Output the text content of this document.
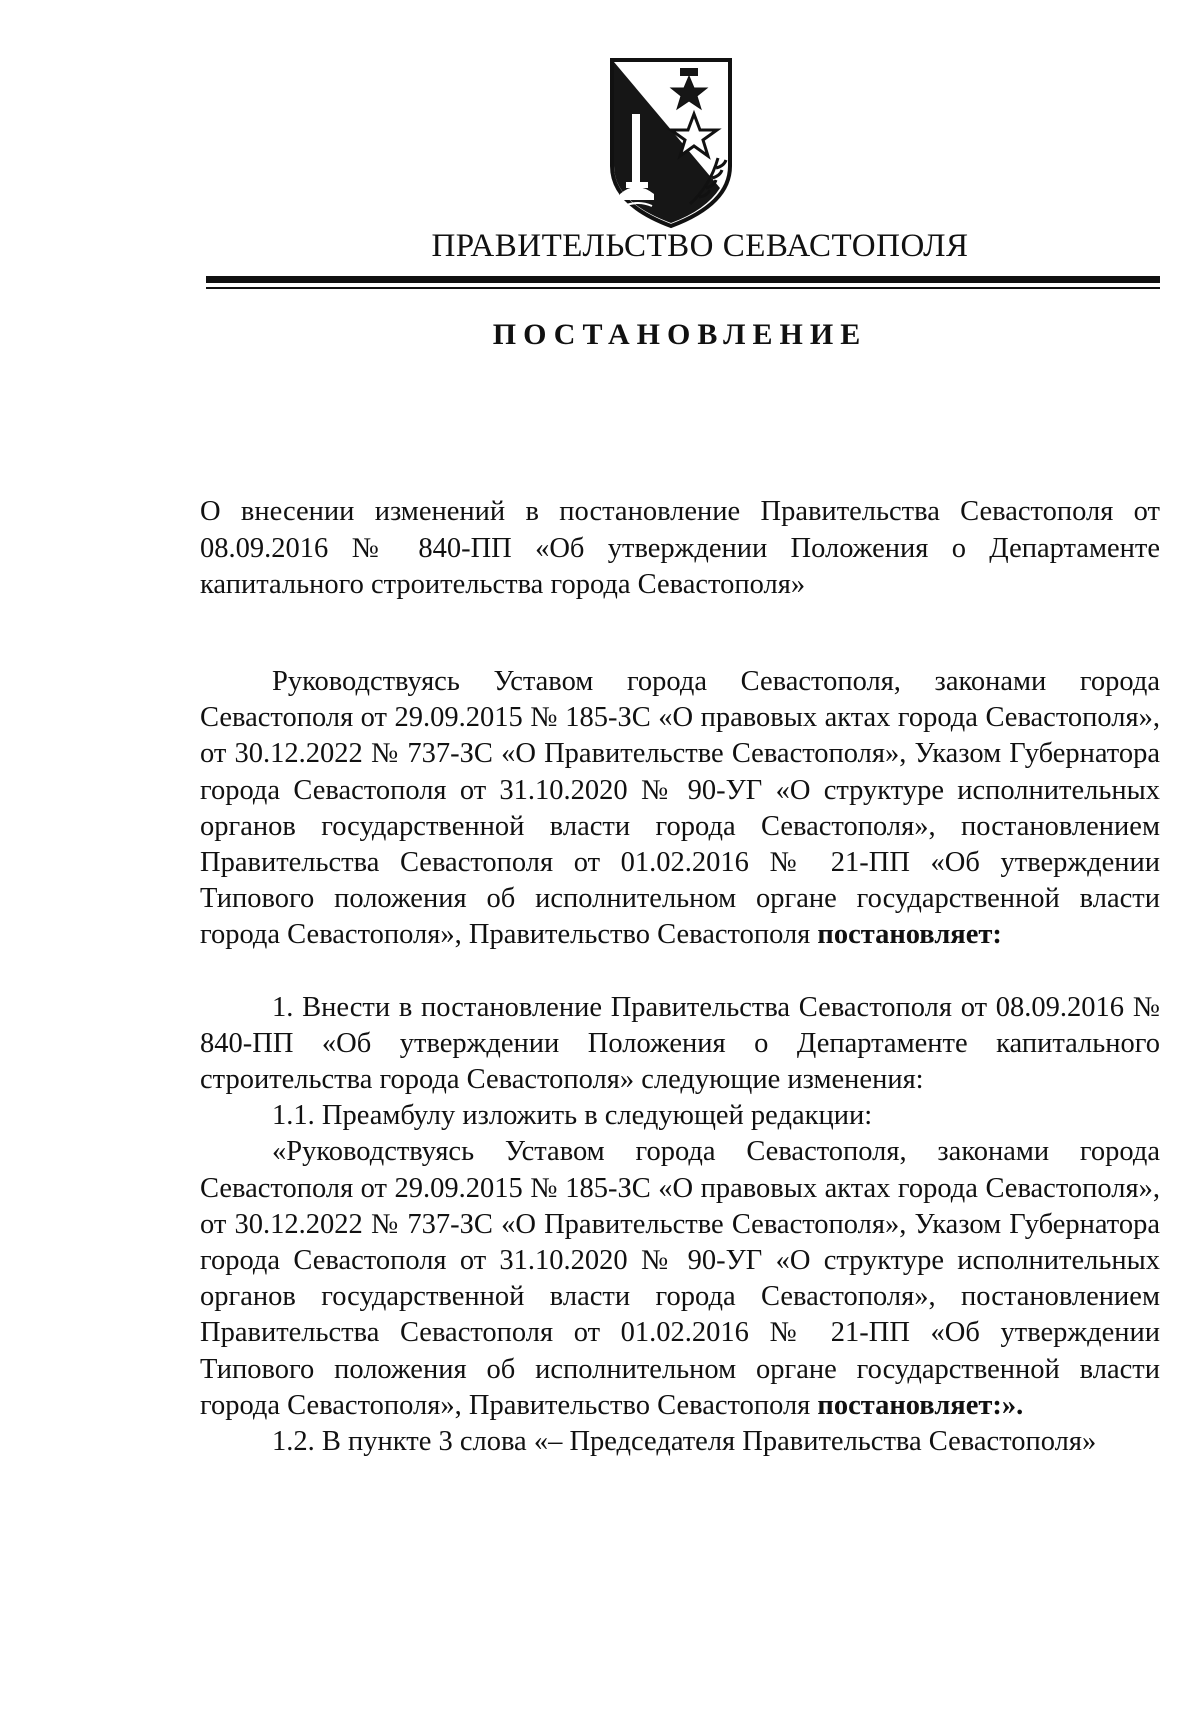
ПРАВИТЕЛЬСТВО СЕВАСТОПОЛЯ
ПОСТАНОВЛЕНИЕ
О внесении изменений в постановление Правительства Севастополя от 08.09.2016 № 840-ПП «Об утверждении Положения о Департаменте капитального строительства города Севастополя»

Руководствуясь Уставом города Севастополя, законами города Севастополя от 29.09.2015 № 185-ЗС «О правовых актах города Севастополя», от 30.12.2022 № 737-ЗС «О Правительстве Севастополя», Указом Губернатора города Севастополя от 31.10.2020 № 90-УГ «О структуре исполнительных органов государственной власти города Севастополя», постановлением Правительства Севастополя от 01.02.2016 № 21-ПП «Об утверждении Типового положения об исполнительном органе государственной власти города Севастополя», Правительство Севастополя постановляет:

1. Внести в постановление Правительства Севастополя от 08.09.2016 № 840-ПП «Об утверждении Положения о Департаменте капитального строительства города Севастополя» следующие изменения:

1.1. Преамбулу изложить в следующей редакции:

«Руководствуясь Уставом города Севастополя, законами города Севастополя от 29.09.2015 № 185-ЗС «О правовых актах города Севастополя», от 30.12.2022 № 737-ЗС «О Правительстве Севастополя», Указом Губернатора города Севастополя от 31.10.2020 № 90-УГ «О структуре исполнительных органов государственной власти города Севастополя», постановлением Правительства Севастополя от 01.02.2016 № 21-ПП «Об утверждении Типового положения об исполнительном органе государственной власти города Севастополя», Правительство Севастополя постановляет:».

1.2. В пункте 3 слова «– Председателя Правительства Севастополя»
